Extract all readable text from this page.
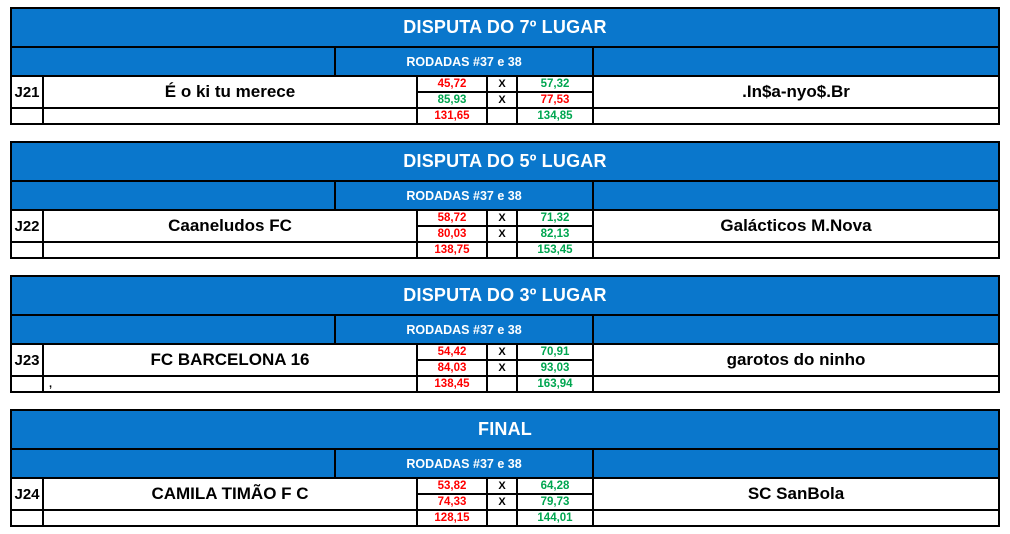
DISPUTA DO 7º LUGAR
RODADAS #37 e 38
J21	É o ki tu merece	45,72	X	57,32	.In$a-nyo$.Br
85,93	X	77,53
131,65	134,85
DISPUTA DO 5º LUGAR
RODADAS #37 e 38
J22	Caaneludos FC	58,72	X	71,32	Galácticos M.Nova
80,03	X	82,13
138,75	153,45
DISPUTA DO 3º LUGAR
RODADAS #37 e 38
J23	FC BARCELONA 16	54,42	X	70,91	garotos do ninho
84,03	X	93,03
,	138,45	163,94
FINAL
RODADAS #37 e 38
J24	CAMILA TIMÃO F C	53,82	X	64,28	SC SanBola
74,33	X	79,73
128,15	144,01
